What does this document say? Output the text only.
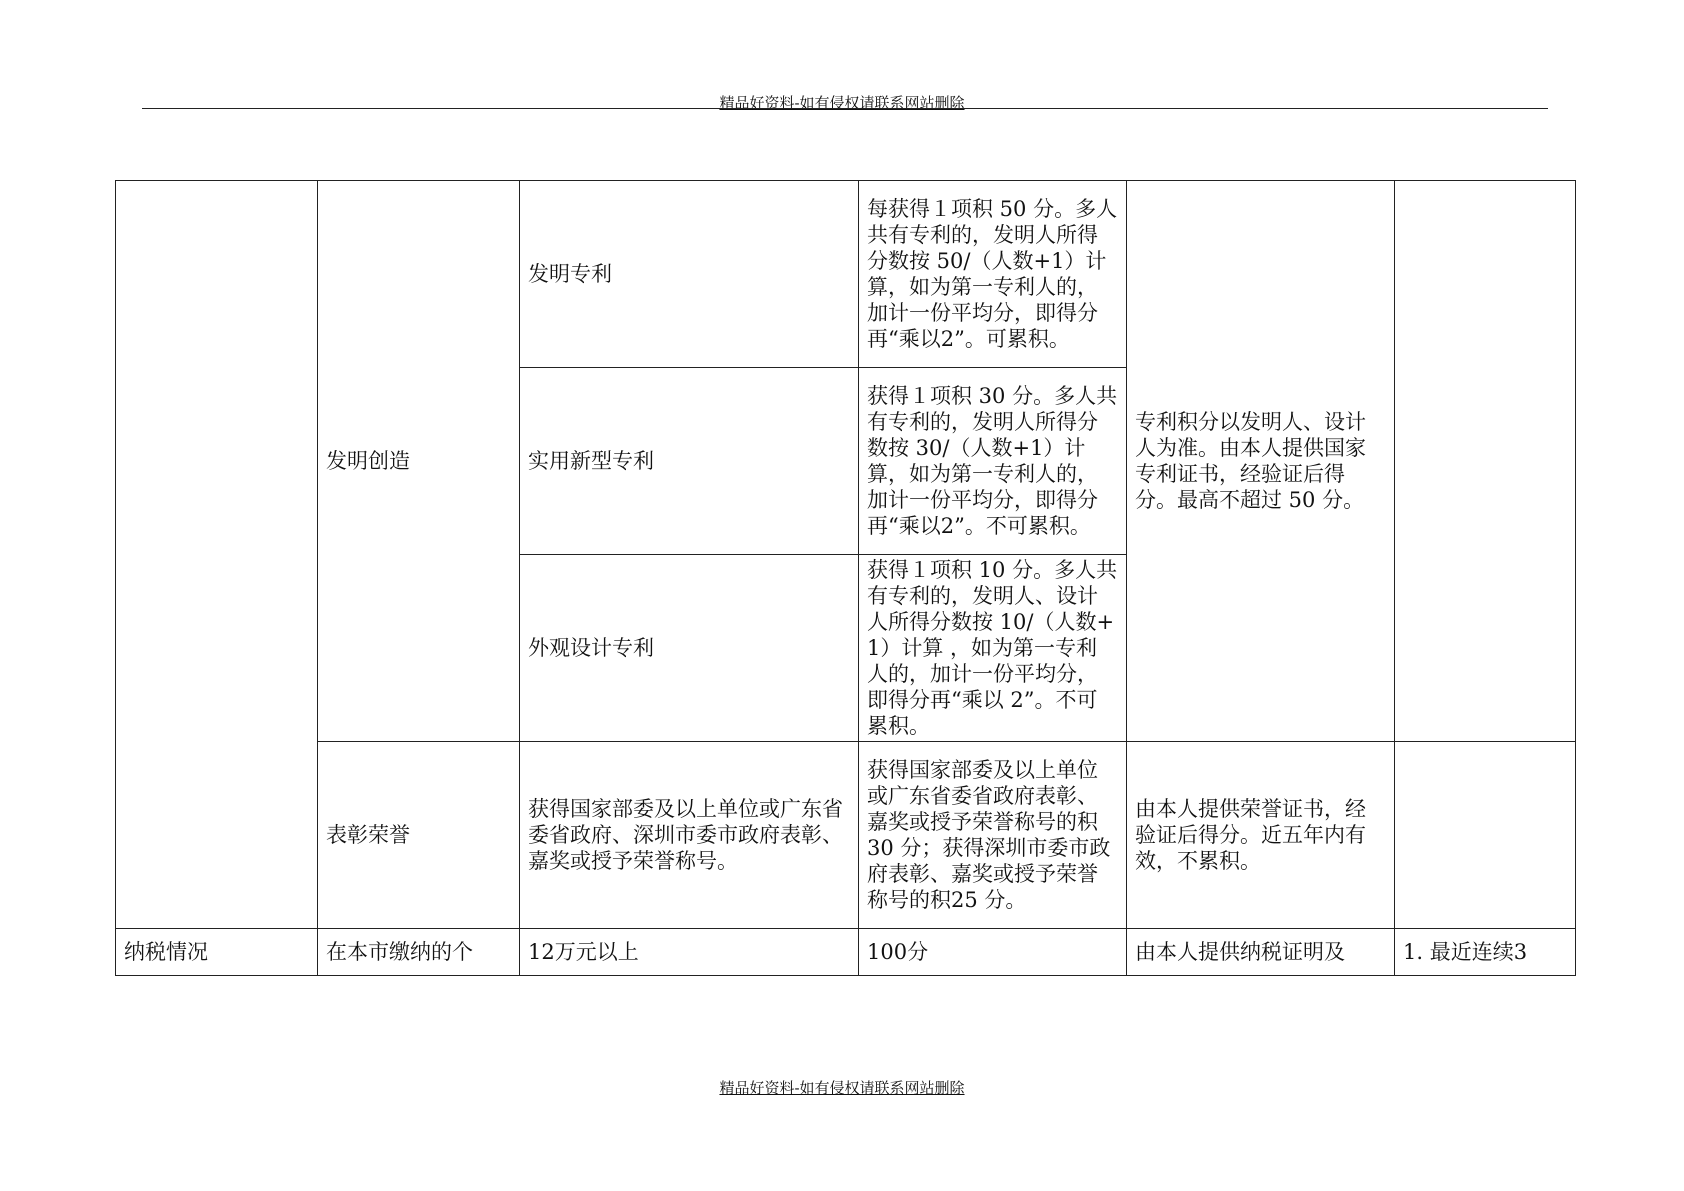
精品好资料-如有侵权请联系网站删除
	发明创造	发明专利	每获得１项积 50 分。多人共有专利的，发明人所得分数按 50/（人数+1）计算，如为第一专利人的，加计一份平均分，即得分再“乘以2”。可累积。	专利积分以发明人、设计人为准。由本人提供国家专利证书，经验证后得分。最高不超过 50 分。	
		实用新型专利	获得１项积 30 分。多人共有专利的，发明人所得分数按 30/（人数+1）计算，如为第一专利人的，加计一份平均分，即得分再“乘以2”。不可累积。		
		外观设计专利	获得１项积 10 分。多人共有专利的，发明人、设计人所得分数按 10/（人数+1）计算 ，如为第一专利人的，加计一份平均分，即得分再“乘以 2”。不可累积。		
	表彰荣誉	获得国家部委及以上单位或广东省委省政府、深圳市委市政府表彰、嘉奖或授予荣誉称号。	获得国家部委及以上单位或广东省委省政府表彰、嘉奖或授予荣誉称号的积 30 分；获得深圳市委市政府表彰、嘉奖或授予荣誉称号的积25 分。	由本人提供荣誉证书，经验证后得分。近五年内有效，不累积。	
纳税情况	在本市缴纳的个	12万元以上	100分	由本人提供纳税证明及	1. 最近连续3
精品好资料-如有侵权请联系网站删除
